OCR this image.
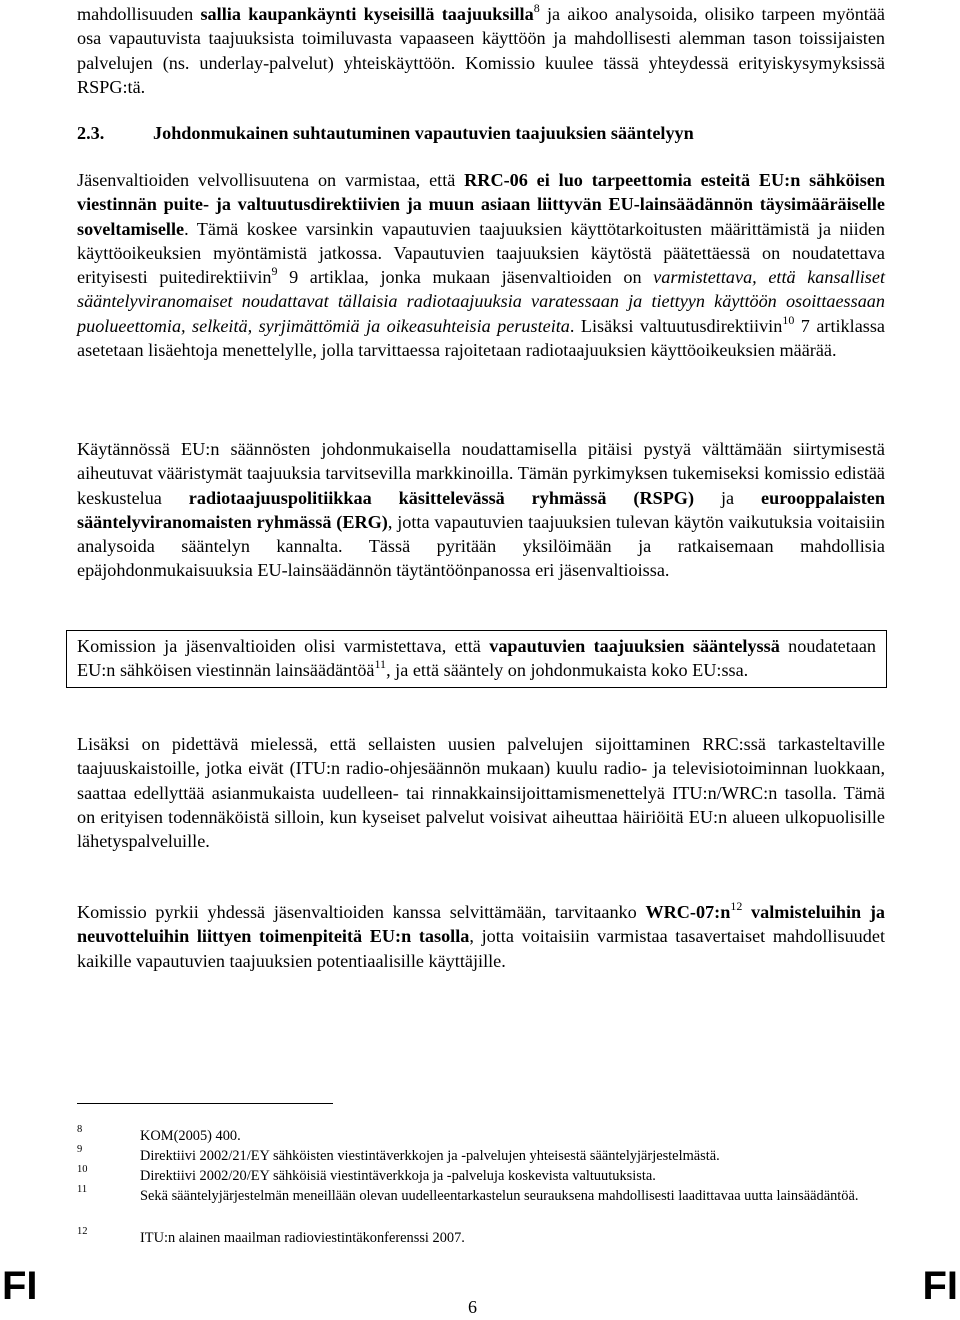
mahdollisuuden sallia kaupankäynti kyseisillä taajuuksilla$^8$ ja aikoo analysoida, olisiko tarpeen myöntää osa vapautuvista taajuuksista toimiluvasta vapaaseen käyttöön ja mahdollisesti alemman tason toissijaisten palvelujen (ns. underlay-palvelut) yhteiskäyttöön. Komissio kuulee tässä yhteydessä erityiskysymyksissä RSPG:tä.

2.3.	Johdonmukainen suhtautuminen vapautuvien taajuuksien sääntelyyn

Jäsenvaltioiden velvollisuutena on varmistaa, että RRC-06 ei luo tarpeettomia esteitä EU:n sähköisen viestinnän puite- ja valtuutusdirektiivien ja muun asiaan liittyvän EU-lainsäädännön täysimääräiselle soveltamiselle. Tämä koskee varsinkin vapautuvien taajuuksien käyttötarkoitusten määrittämistä ja niiden käyttöoikeuksien myöntämistä jatkossa. Vapautuvien taajuuksien käytöstä päätettäessä on noudatettava erityisesti puitedirektiivin$^9$ 9 artiklaa, jonka mukaan jäsenvaltioiden on varmistettava, että kansalliset sääntelyviranomaiset noudattavat tällaisia radiotaajuuksia varatessaan ja tiettyyn käyttöön osoittaessaan puolueettomia, selkeitä, syrjimättömiä ja oikeasuhteisia perusteita. Lisäksi valtuutusdirektiivin$^{10}$ 7 artiklassa asetetaan lisäehtoja menettelylle, jolla tarvittaessa rajoitetaan radiotaajuuksien käyttöoikeuksien määrää.

Käytännössä EU:n säännösten johdonmukaisella noudattamisella pitäisi pystyä välttämään siirtymisestä aiheutuvat vääristymät taajuuksia tarvitsevilla markkinoilla. Tämän pyrkimyksen tukemiseksi komissio edistää keskustelua radiotaajuuspolitiikkaa käsittelevässä ryhmässä (RSPG) ja eurooppalaisten sääntelyviranomaisten ryhmässä (ERG), jotta vapautuvien taajuuksien tulevan käytön vaikutuksia voitaisiin analysoida sääntelyn kannalta. Tässä pyritään yksilöimään ja ratkaisemaan mahdollisia epäjohdonmukaisuuksia EU-lainsäädännön täytäntöönpanossa eri jäsenvaltioissa.

Komission ja jäsenvaltioiden olisi varmistettava, että vapautuvien taajuuksien sääntelyssä noudatetaan EU:n sähköisen viestinnän lainsäädäntöä$^{11}$, ja että sääntely on johdonmukaista koko EU:ssa.

Lisäksi on pidettävä mielessä, että sellaisten uusien palvelujen sijoittaminen RRC:ssä tarkasteltaville taajuuskaistoille, jotka eivät (ITU:n radio-ohjesäännön mukaan) kuulu radio- ja televisiotoiminnan luokkaan, saattaa edellyttää asianmukaista uudelleen- tai rinnakkainsijoittamismenettelyä ITU:n/WRC:n tasolla. Tämä on erityisen todennäköistä silloin, kun kyseiset palvelut voisivat aiheuttaa häiriöitä EU:n alueen ulkopuolisille lähetyspalveluille.

Komissio pyrkii yhdessä jäsenvaltioiden kanssa selvittämään, tarvitaanko WRC-$07:n^{12}$ valmisteluihin ja neuvotteluihin liittyen toimenpiteitä EU:n tasolla, jotta voitaisiin varmistaa tasavertaiset mahdollisuudet kaikille vapautuvien taajuuksien potentiaalisille käyttäjille.

8	KOM(2005) 400.
9	Direktiivi 2002/21/EY sähköisten viestintäverkkojen ja -palvelujen yhteisestä sääntelyjärjestelmästä.
10	Direktiivi 2002/20/EY sähköisiä viestintäverkkoja ja -palveluja koskevista valtuutuksista.
11	Sekä sääntelyjärjestelmän meneillään olevan uudelleentarkastelun seurauksena mahdollisesti laadittavaa uutta lainsäädäntöä.
12	ITU:n alainen maailman radioviestintäkonferenssi 2007.
FI	6	FI
